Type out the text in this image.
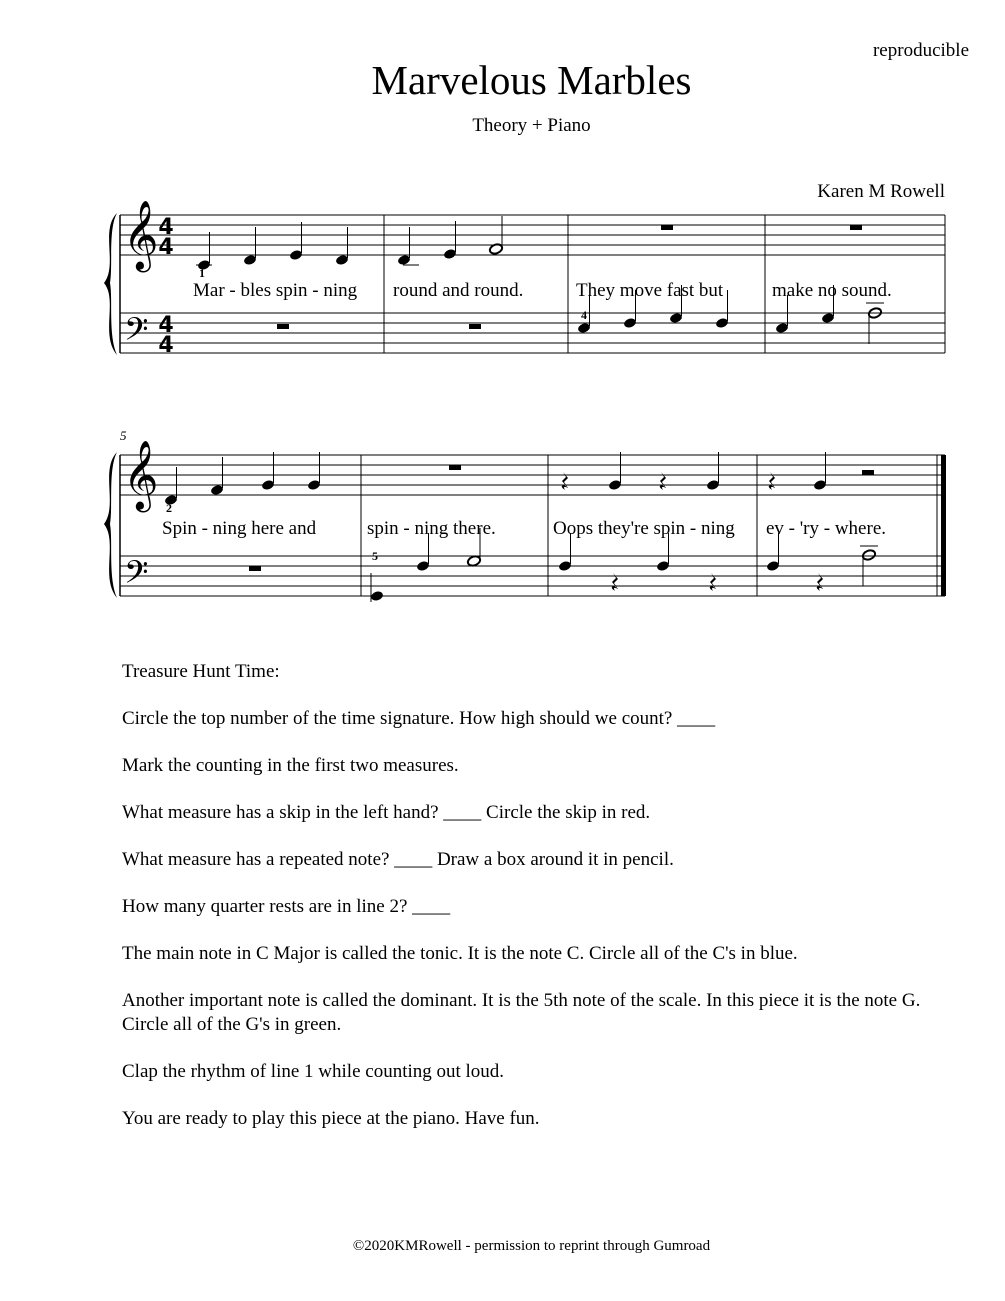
reproducible
Marvelous Marbles
Theory + Piano
Karen M Rowell
𝄞
𝄢
4
4
4
4
1
4
Mar - bles spin - ning round and round.	They move fast but	make no sound.
5
𝄞
𝄢
2
5
Spin - ning here and	spin - ning there.	Oops they're spin - ning ev - 'ry - where.

Treasure Hunt Time:

Circle the top number of the time signature. How high should we count? ____

Mark the counting in the first two measures.

What measure has a skip in the left hand? ____ Circle the skip in red.

What measure has a repeated note? ____ Draw a box around it in pencil.

How many quarter rests are in line 2? ____

The main note in C Major is called the tonic. It is the note C. Circle all of the C's in blue.

Another important note is called the dominant. It is the 5th note of the scale. In this piece it is the note G. Circle all of the G's in green.

Clap the rhythm of line 1 while counting out loud.

You are ready to play this piece at the piano. Have fun.

©2020KMRowell - permission to reprint through Gumroad
